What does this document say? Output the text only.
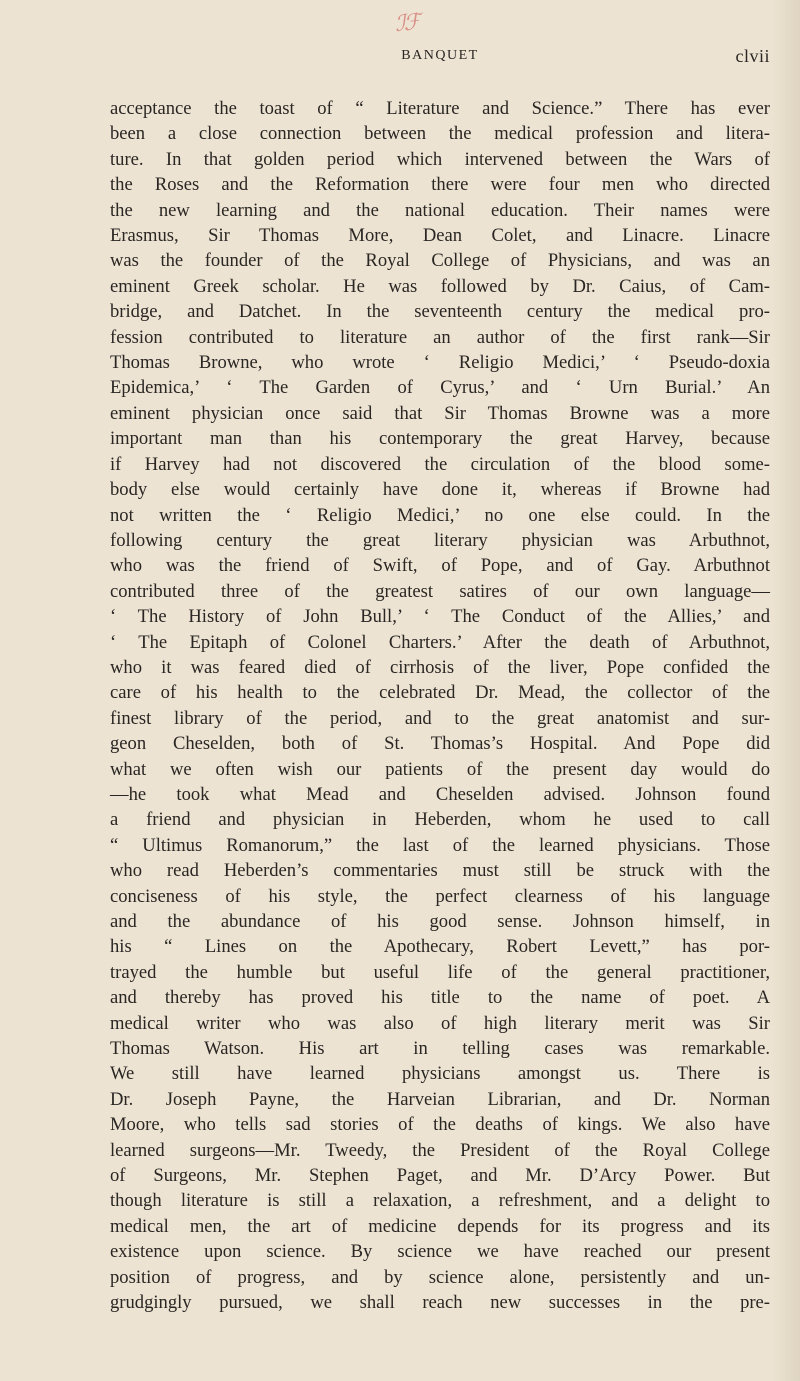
ℐℱ
BANQUET	clvii
acceptance the toast of “ Literature and Science.” There has ever
been a close connection between the medical profession and litera-
ture. In that golden period which intervened between the Wars of
the Roses and the Reformation there were four men who directed
the new learning and the national education. Their names were
Erasmus, Sir Thomas More, Dean Colet, and Linacre. Linacre
was the founder of the Royal College of Physicians, and was an
eminent Greek scholar. He was followed by Dr. Caius, of Cam-
bridge, and Datchet. In the seventeenth century the medical pro-
fession contributed to literature an author of the first rank—Sir
Thomas Browne, who wrote ‘ Religio Medici,’ ‘ Pseudo-doxia
Epidemica,’ ‘ The Garden of Cyrus,’ and ‘ Urn Burial.’ An
eminent physician once said that Sir Thomas Browne was a more
important man than his contemporary the great Harvey, because
if Harvey had not discovered the circulation of the blood some-
body else would certainly have done it, whereas if Browne had
not written the ‘ Religio Medici,’ no one else could. In the
following century the great literary physician was Arbuthnot,
who was the friend of Swift, of Pope, and of Gay. Arbuthnot
contributed three of the greatest satires of our own language—
‘ The History of John Bull,’ ‘ The Conduct of the Allies,’ and
‘ The Epitaph of Colonel Charters.’ After the death of Arbuthnot,
who it was feared died of cirrhosis of the liver, Pope confided the
care of his health to the celebrated Dr. Mead, the collector of the
finest library of the period, and to the great anatomist and sur-
geon Cheselden, both of St. Thomas’s Hospital. And Pope did
what we often wish our patients of the present day would do
—he took what Mead and Cheselden advised. Johnson found
a friend and physician in Heberden, whom he used to call
“ Ultimus Romanorum,” the last of the learned physicians. Those
who read Heberden’s commentaries must still be struck with the
conciseness of his style, the perfect clearness of his language
and the abundance of his good sense. Johnson himself, in
his “ Lines on the Apothecary, Robert Levett,” has por-
trayed the humble but useful life of the general practitioner,
and thereby has proved his title to the name of poet. A
medical writer who was also of high literary merit was Sir
Thomas Watson. His art in telling cases was remarkable.
We still have learned physicians amongst us. There is
Dr. Joseph Payne, the Harveian Librarian, and Dr. Norman
Moore, who tells sad stories of the deaths of kings. We also have
learned surgeons—Mr. Tweedy, the President of the Royal College
of Surgeons, Mr. Stephen Paget, and Mr. D’Arcy Power. But
though literature is still a relaxation, a refreshment, and a delight to
medical men, the art of medicine depends for its progress and its
existence upon science. By science we have reached our present
position of progress, and by science alone, persistently and un-
grudgingly pursued, we shall reach new successes in the pre-
